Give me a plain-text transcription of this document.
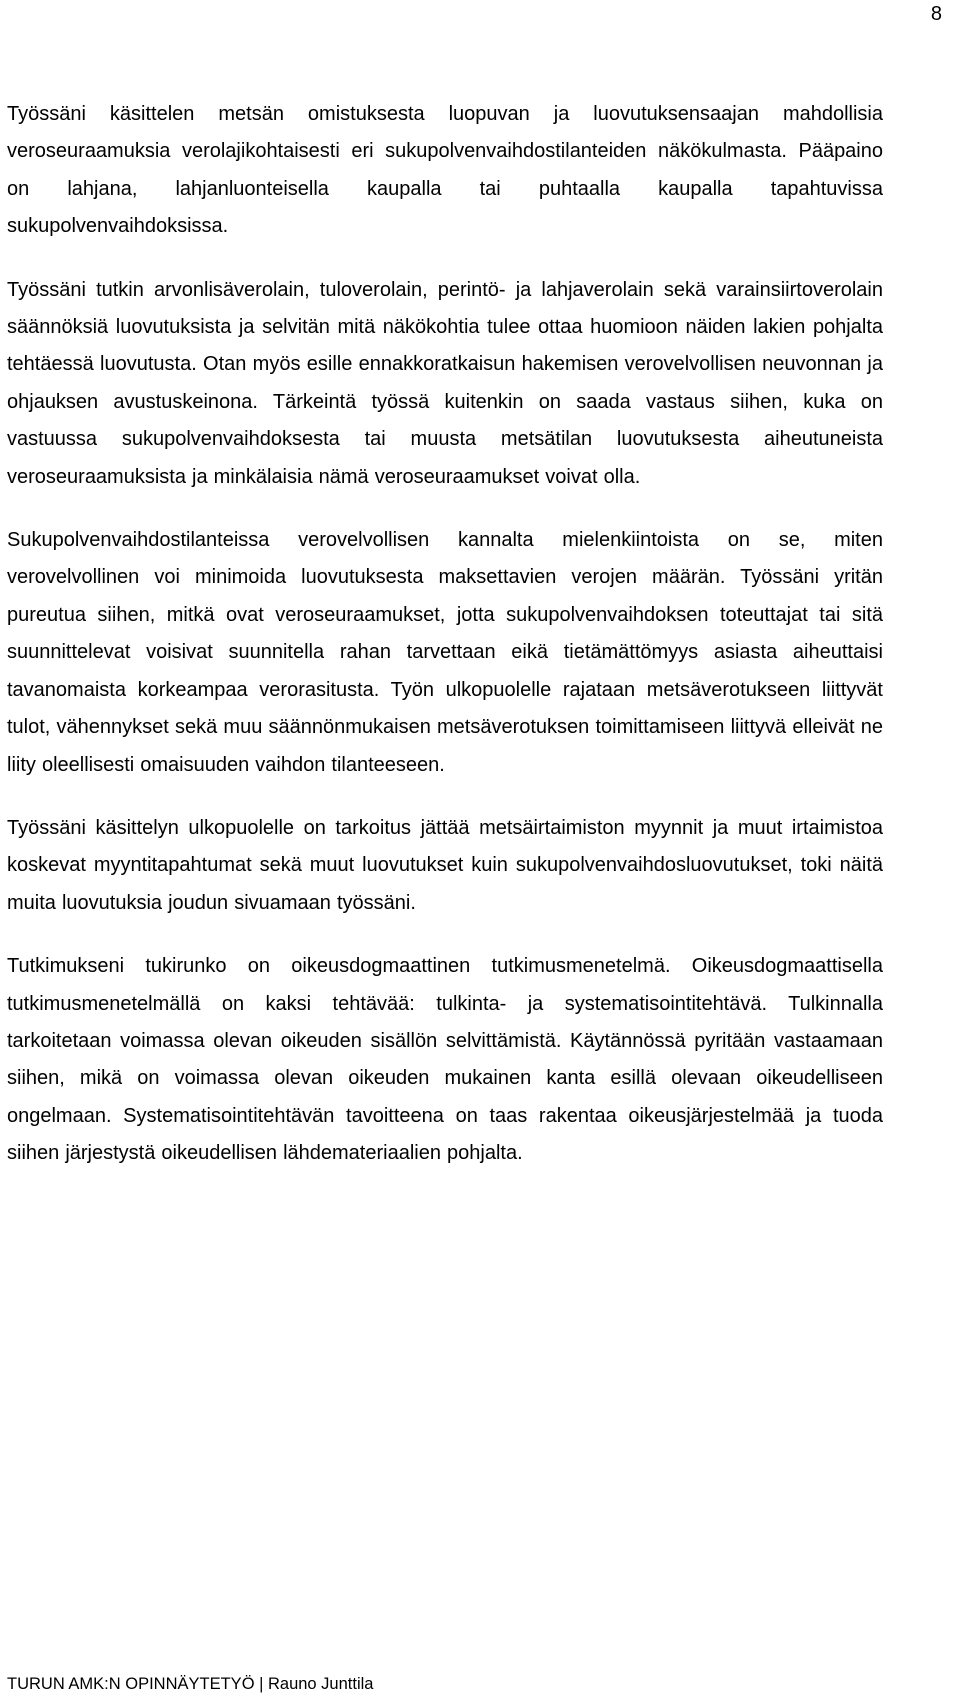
8

Työssäni käsittelen metsän omistuksesta luopuvan ja luovutuksensaajan mahdollisia veroseuraamuksia verolajikohtaisesti eri sukupolvenvaihdostilanteiden näkökulmasta. Pääpaino on lahjana, lahjanluonteisella kaupalla tai puhtaalla kaupalla tapahtuvissa sukupolvenvaihdoksissa.

Työssäni tutkin arvonlisäverolain, tuloverolain, perintö- ja lahjaverolain sekä varainsiirtoverolain säännöksiä luovutuksista ja selvitän mitä näkökohtia tulee ottaa huomioon näiden lakien pohjalta tehtäessä luovutusta. Otan myös esille ennakkoratkaisun hakemisen verovelvollisen neuvonnan ja ohjauksen avustuskeinona. Tärkeintä työssä kuitenkin on saada vastaus siihen, kuka on vastuussa sukupolvenvaihdoksesta tai muusta metsätilan luovutuksesta aiheutuneista veroseuraamuksista ja minkälaisia nämä veroseuraamukset voivat olla.

Sukupolvenvaihdostilanteissa verovelvollisen kannalta mielenkiintoista on se, miten verovelvollinen voi minimoida luovutuksesta maksettavien verojen määrän. Työssäni yritän pureutua siihen, mitkä ovat veroseuraamukset, jotta sukupolvenvaihdoksen toteuttajat tai sitä suunnittelevat voisivat suunnitella rahan tarvettaan eikä tietämättömyys asiasta aiheuttaisi tavanomaista korkeampaa verorasitusta. Työn ulkopuolelle rajataan metsäverotukseen liittyvät tulot, vähennykset sekä muu säännönmukaisen metsäverotuksen toimittamiseen liittyvä elleivät ne liity oleellisesti omaisuuden vaihdon tilanteeseen.

Työssäni käsittelyn ulkopuolelle on tarkoitus jättää metsäirtaimiston myynnit ja muut irtaimistoa koskevat myyntitapahtumat sekä muut luovutukset kuin sukupolvenvaihdosluovutukset, toki näitä muita luovutuksia joudun sivuamaan työssäni.

Tutkimukseni tukirunko on oikeusdogmaattinen tutkimusmenetelmä. Oikeusdogmaattisella tutkimusmenetelmällä on kaksi tehtävää: tulkinta- ja systematisointitehtävä. Tulkinnalla tarkoitetaan voimassa olevan oikeuden sisällön selvittämistä. Käytännössä pyritään vastaamaan siihen, mikä on voimassa olevan oikeuden mukainen kanta esillä olevaan oikeudelliseen ongelmaan. Systematisointitehtävän tavoitteena on taas rakentaa oikeusjärjestelmää ja tuoda siihen järjestystä oikeudellisen lähdemateriaalien pohjalta.

TURUN AMK:N OPINNÄYTETYÖ | Rauno Junttila
